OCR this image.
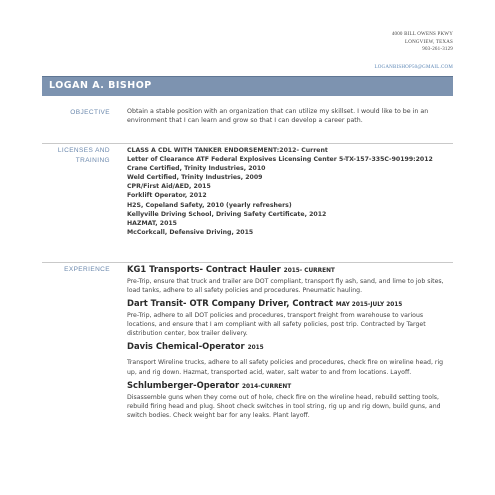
4000 BILL OWENS PKWY
LONGVIEW, TEXAS
903-261-3129
LOGANBISHOP50@GMAIL.COM
LOGAN A. BISHOP
OBJECTIVE	Obtain a stable position with an organization that can utilize my skillset. I would like to be in an environment that I can learn and grow so that I can develop a career path.
LICENSES AND
TRAINING
CLASS A CDL WITH TANKER ENDORSEMENT:2012- Current
Letter of Clearance ATF Federal Explosives Licensing Center 5-TX-157-335C-90199:2012
Crane Certified, Trinity Industries, 2010
Weld Certified, Trinity Industries, 2009
CPR/First Aid/AED, 2015
Forklift Operator, 2012
H2S, Copeland Safety, 2010 (yearly refreshers)
Kellyville Driving School, Driving Safety Certificate, 2012
HAZMAT, 2015
McCorkcall, Defensive Driving, 2015
EXPERIENCE KG1 Transports- Contract Hauler 2015- CURRENT
Pre-Trip, ensure that truck and trailer are DOT compliant, transport fly ash, sand, and lime to job sites, load tanks, adhere to all safety policies and procedures. Pneumatic hauling.
Dart Transit- OTR Company Driver, Contract MAY 2015-JULY 2015
Pre-Trip, adhere to all DOT policies and procedures, transport freight from warehouse to various locations, and ensure that I am compliant with all safety policies, post trip. Contracted by Target distribution center, box trailer delivery.
Davis Chemical-Operator 2015
Transport Wireline trucks, adhere to all safety policies and procedures, check fire on wireline head, rig up, and rig down. Hazmat, transported acid, water, salt water to and from locations. Layoff.
Schlumberger-Operator 2014-CURRENT
Disassemble guns when they come out of hole, check fire on the wireline head, rebuild setting tools, rebuild firing head and plug. Shoot check switches in tool string, rig up and rig down, build guns, and switch bodies. Check weight bar for any leaks. Plant layoff.
